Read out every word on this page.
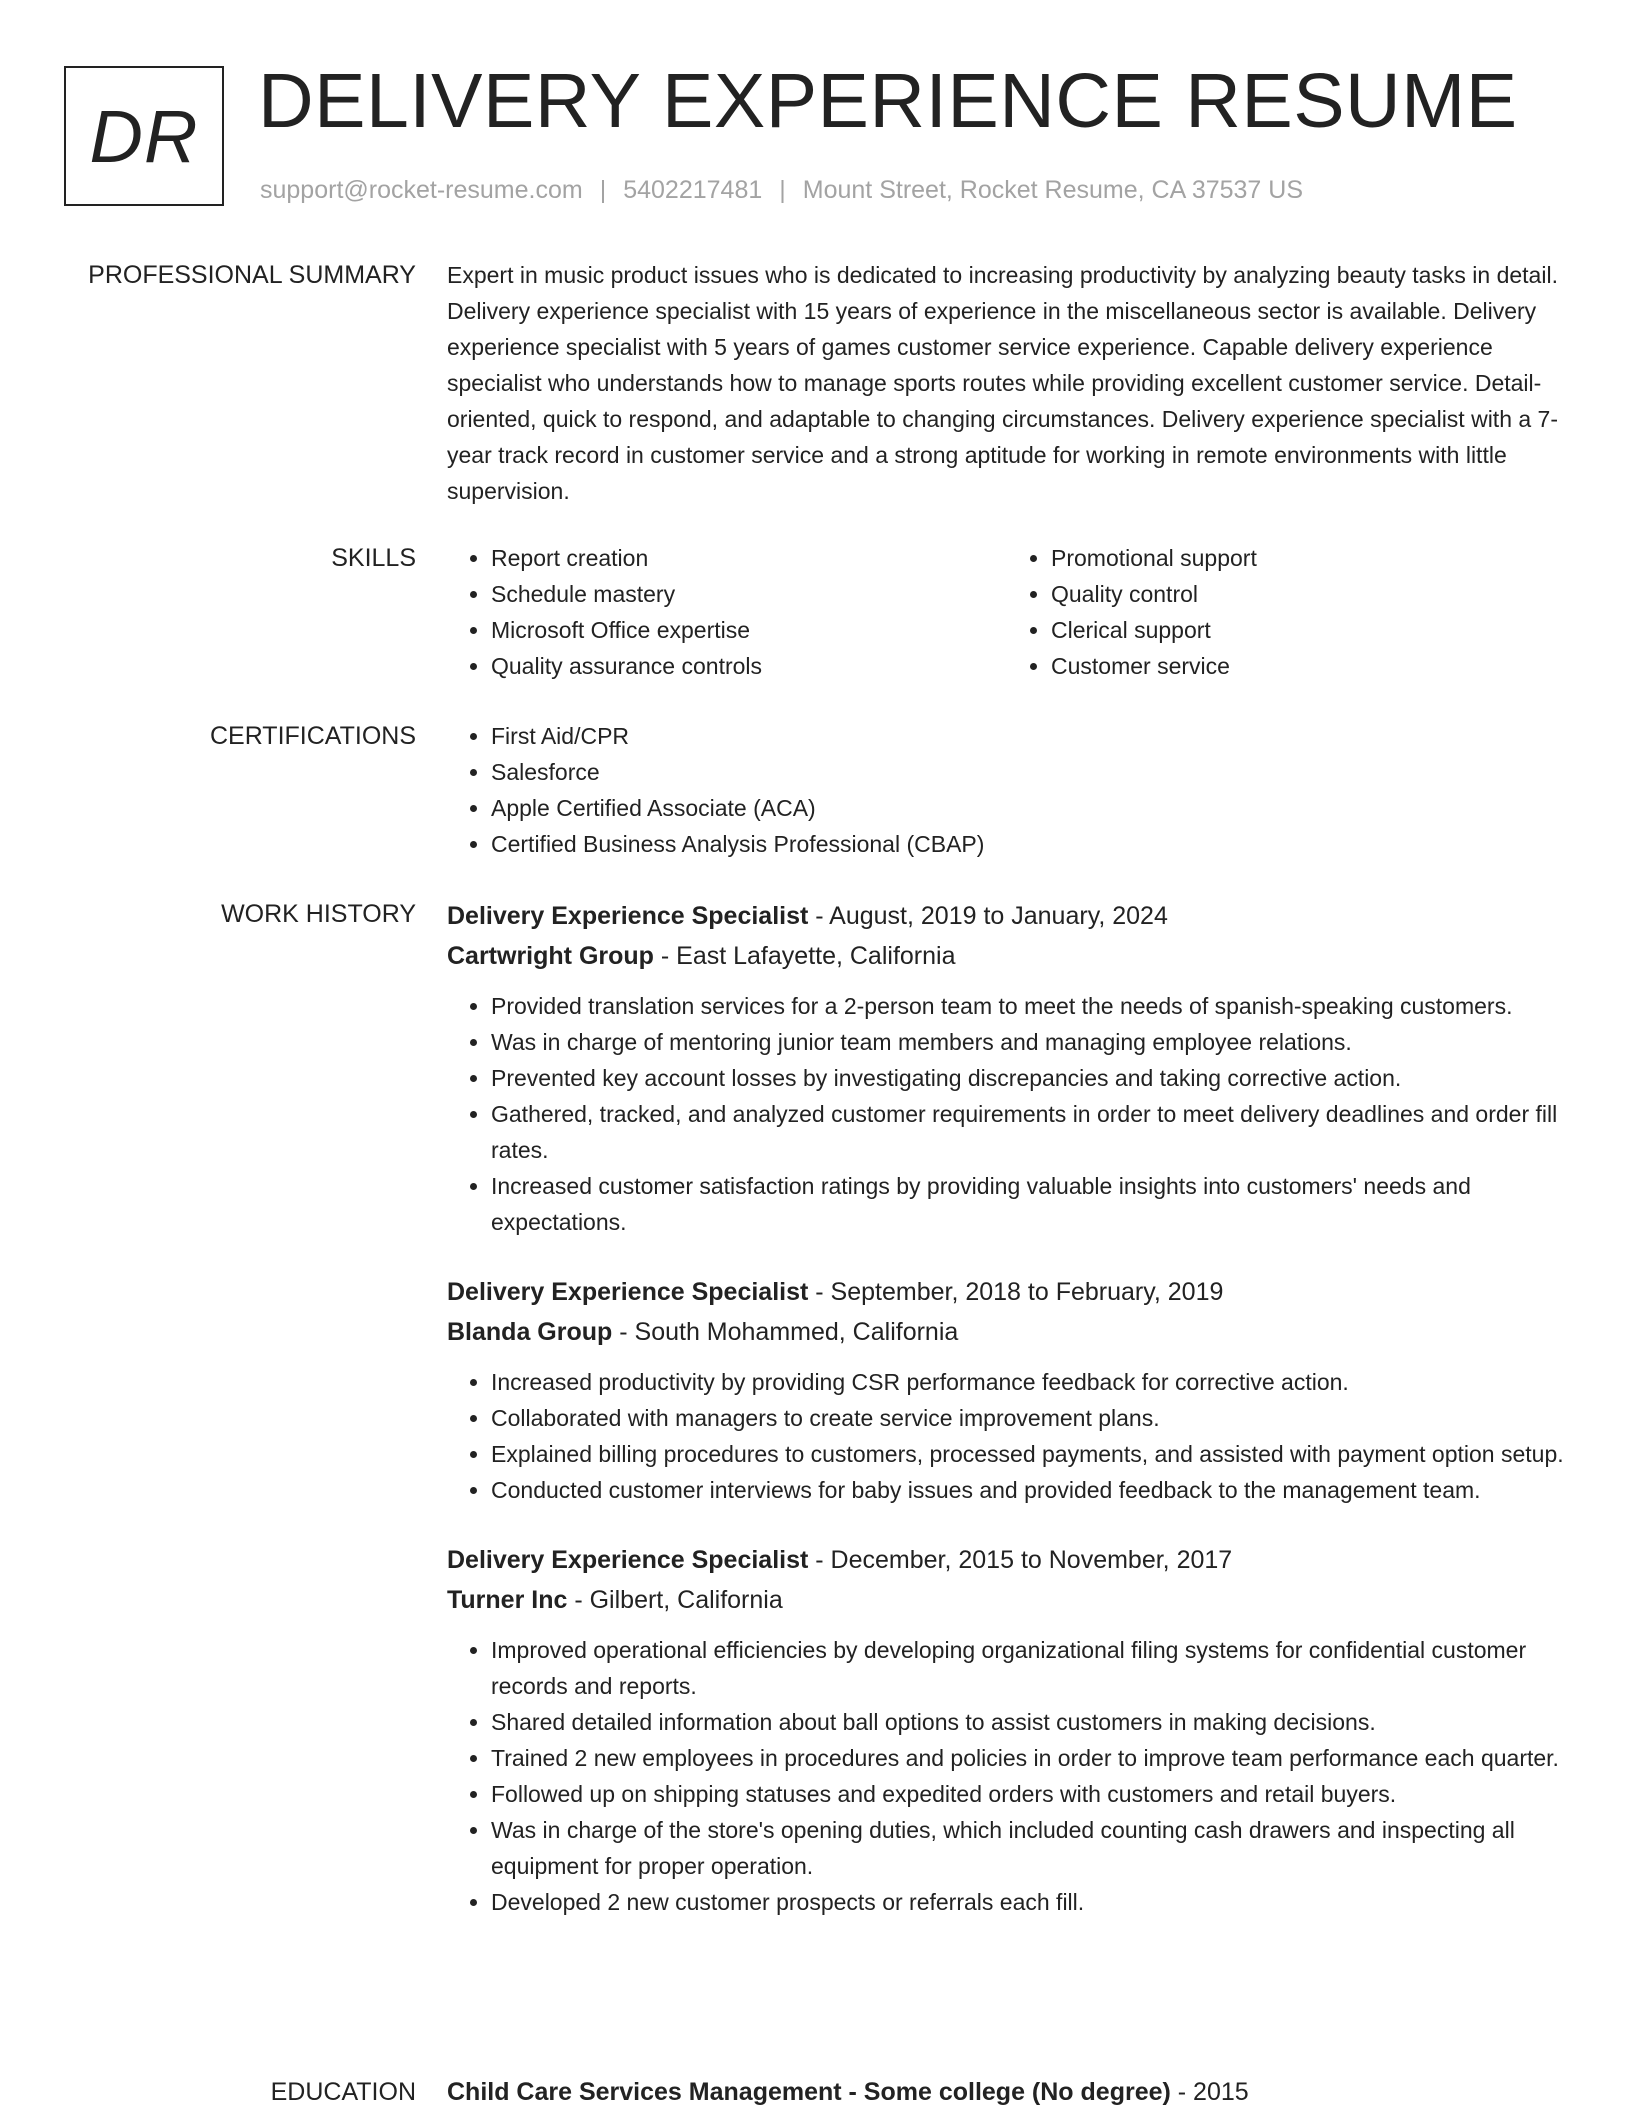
DR DELIVERY EXPERIENCE RESUME
support@rocket-resume.com | 5402217481 | Mount Street, Rocket Resume, CA 37537 US
PROFESSIONAL SUMMARY Expert in music product issues who is dedicated to increasing productivity by analyzing beauty tasks in detail. Delivery experience specialist with 15 years of experience in the miscellaneous sector is available. Delivery experience specialist with 5 years of games customer service experience. Capable delivery experience specialist who understands how to manage sports routes while providing excellent customer service. Detail-oriented, quick to respond, and adaptable to changing circumstances. Delivery experience specialist with a 7-year track record in customer service and a strong aptitude for working in remote environments with little supervision.

SKILLS	• Report creation
• Schedule mastery
• Microsoft Office expertise
• Quality assurance controls
• Promotional support
• Quality control
• Clerical support
• Customer service
CERTIFICATIONS	• First Aid/CPR
• Salesforce
• Apple Certified Associate (ACA)
• Certified Business Analysis Professional (CBAP)
WORK HISTORY Delivery Experience Specialist - August, 2019 to January, 2024
Cartwright Group - East Lafayette, California
• Provided translation services for a 2-person team to meet the needs of spanish-speaking customers.
• Was in charge of mentoring junior team members and managing employee relations.
• Prevented key account losses by investigating discrepancies and taking corrective action.
• Gathered, tracked, and analyzed customer requirements in order to meet delivery deadlines and order fill rates.
• Increased customer satisfaction ratings by providing valuable insights into customers' needs and expectations.
Delivery Experience Specialist - September, 2018 to February, 2019
Blanda Group - South Mohammed, California
• Increased productivity by providing CSR performance feedback for corrective action.
• Collaborated with managers to create service improvement plans.
• Explained billing procedures to customers, processed payments, and assisted with payment option setup.
• Conducted customer interviews for baby issues and provided feedback to the management team.
Delivery Experience Specialist - December, 2015 to November, 2017
Turner Inc - Gilbert, California
• Improved operational efficiencies by developing organizational filing systems for confidential customer records and reports.
• Shared detailed information about ball options to assist customers in making decisions.
• Trained 2 new employees in procedures and policies in order to improve team performance each quarter.
• Followed up on shipping statuses and expedited orders with customers and retail buyers.
• Was in charge of the store's opening duties, which included counting cash drawers and inspecting all equipment for proper operation.
• Developed 2 new customer prospects or referrals each fill.
EDUCATION Child Care Services Management - Some college (No degree) - 2015
